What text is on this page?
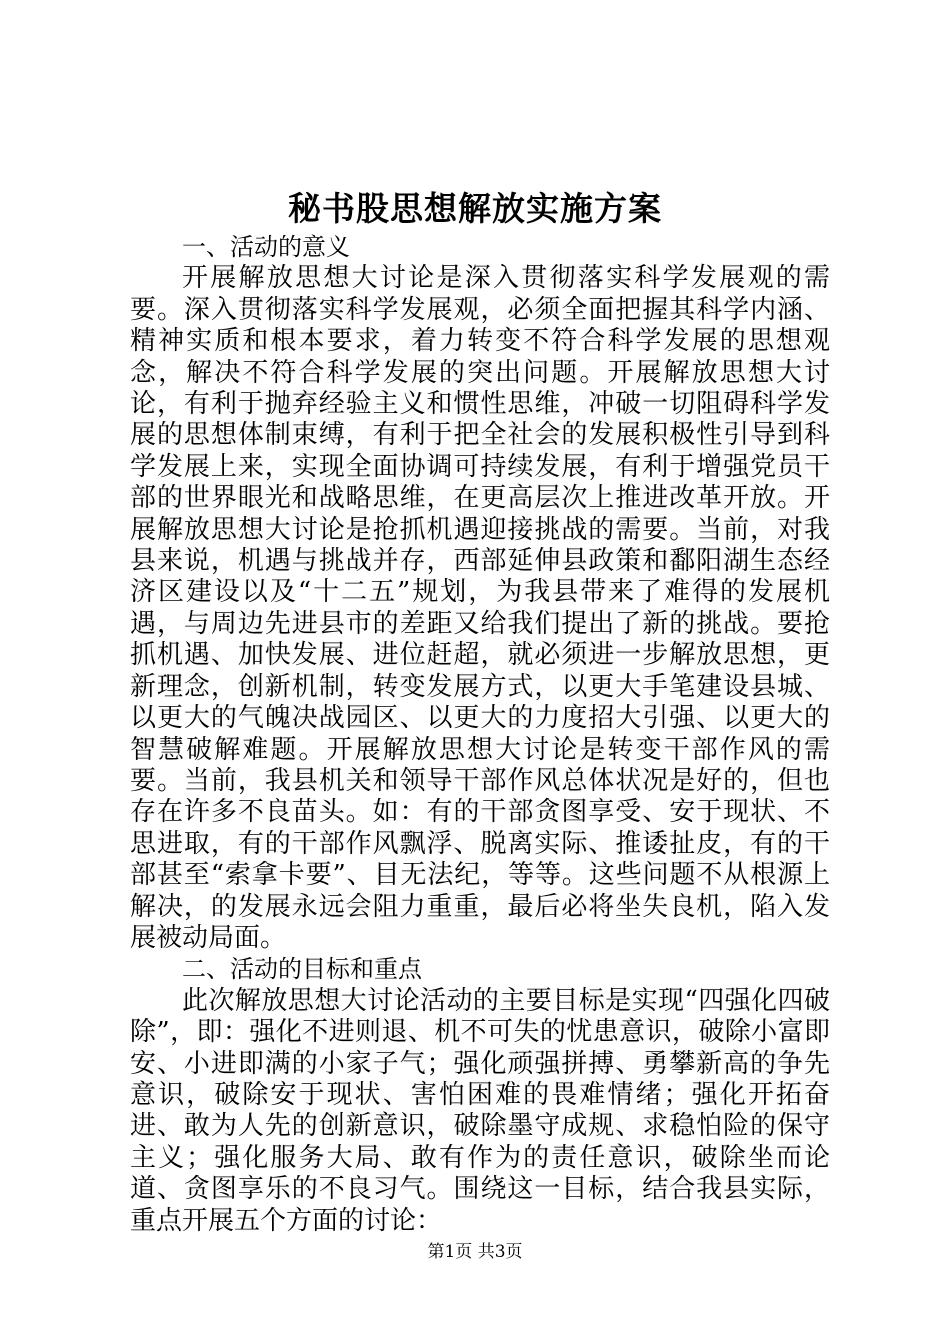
秘书股思想解放实施方案

一、活动的意义

开展解放思想大讨论是深入贯彻落实科学发展观的需要。深入贯彻落实科学发展观，必须全面把握其科学内涵、精神实质和根本要求，着力转变不符合科学发展的思想观念，解决不符合科学发展的突出问题。开展解放思想大讨论，有利于抛弃经验主义和惯性思维，冲破一切阻碍科学发展的思想体制束缚，有利于把全社会的发展积极性引导到科学发展上来，实现全面协调可持续发展，有利于增强党员干部的世界眼光和战略思维，在更高层次上推进改革开放。开展解放思想大讨论是抢抓机遇迎接挑战的需要。当前，对我县来说，机遇与挑战并存，西部延伸县政策和鄱阳湖生态经济区建设以及“十二五”规划，为我县带来了难得的发展机遇，与周边先进县市的差距又给我们提出了新的挑战。要抢抓机遇、加快发展、进位赶超，就必须进一步解放思想，更新理念，创新机制，转变发展方式，以更大手笔建设县城、以更大的气魄决战园区、以更大的力度招大引强、以更大的智慧破解难题。开展解放思想大讨论是转变干部作风的需要。当前，我县机关和领导干部作风总体状况是好的，但也存在许多不良苗头。如：有的干部贪图享受、安于现状、不思进取，有的干部作风飘浮、脱离实际、推诿扯皮，有的干部甚至“索拿卡要”、目无法纪，等等。这些问题不从根源上解决，的发展永远会阻力重重，最后必将坐失良机，陷入发展被动局面。

二、活动的目标和重点

此次解放思想大讨论活动的主要目标是实现“四强化四破除”，即：强化不进则退、机不可失的忧患意识，破除小富即安、小进即满的小家子气；强化顽强拼搏、勇攀新高的争先意识，破除安于现状、害怕困难的畏难情绪；强化开拓奋进、敢为人先的创新意识，破除墨守成规、求稳怕险的保守主义；强化服务大局、敢有作为的责任意识，破除坐而论道、贪图享乐的不良习气。围绕这一目标，结合我县实际，重点开展五个方面的讨论：

第1页 共3页
